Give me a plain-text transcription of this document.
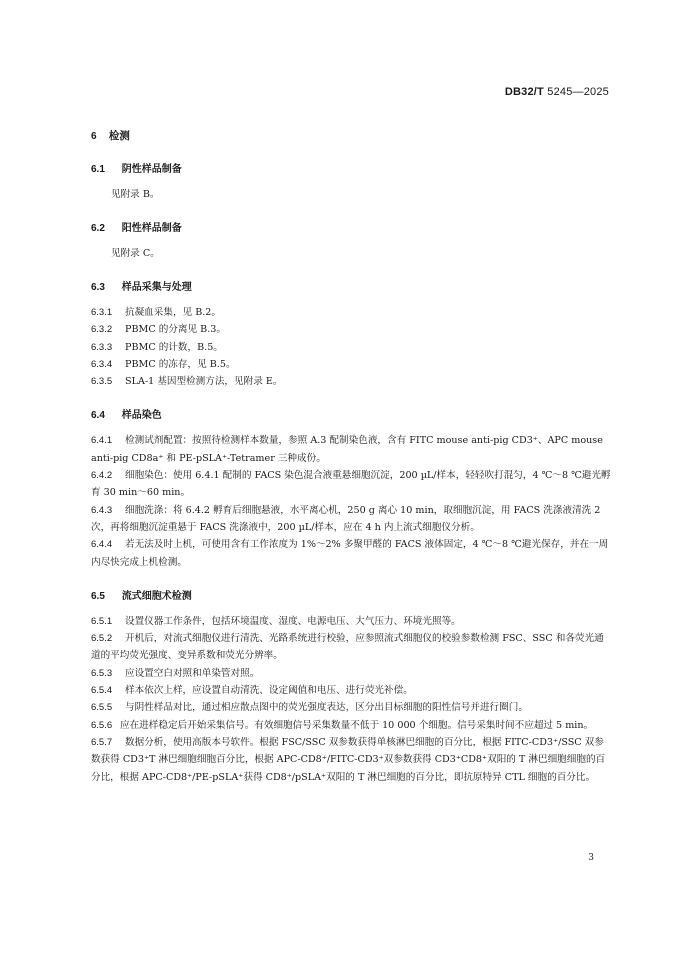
DB32/T 5245—2025
6 检测
6.1 阴性样品制备

见附录 B。

6.2 阳性样品制备

见附录 C。

6.3 样品采集与处理

6.3.1 抗凝血采集，见 B.2。

6.3.2 PBMC 的分离见 B.3。

6.3.3 PBMC 的计数，B.5。

6.3.4 PBMC 的冻存，见 B.5。

6.3.5 SLA-1 基因型检测方法，见附录 E。

6.4 样品染色

6.4.1 检测试剂配置：按照待检测样本数量，参照 A.3 配制染色液，含有 FITC mouse anti-pig CD3⁺、APC mouse anti-pig CD8a⁺ 和 PE-pSLA⁺-Tetramer 三种成份。

6.4.2 细胞染色：使用 6.4.1 配制的 FACS 染色混合液重悬细胞沉淀，200 µL/样本，轻轻吹打混匀，4 ℃～8 ℃避光孵育 30 min～60 min。

6.4.3 细胞洗涤：将 6.4.2 孵育后细胞悬液，水平离心机，250 g 离心 10 min，取细胞沉淀，用 FACS 洗涤液清洗 2 次，再将细胞沉淀重悬于 FACS 洗涤液中，200 µL/样本，应在 4 h 内上流式细胞仪分析。

6.4.4 若无法及时上机，可使用含有工作浓度为 1%～2% 多聚甲醛的 FACS 液体固定，4 ℃～8 ℃避光保存，并在一周内尽快完成上机检测。

6.5 流式细胞术检测

6.5.1 设置仪器工作条件，包括环境温度、湿度、电源电压、大气压力、环境光照等。

6.5.2 开机后，对流式细胞仪进行清洗、光路系统进行校验，应参照流式细胞仪的校验参数检测 FSC、SSC 和各荧光通道的平均荧光强度、变异系数和荧光分辨率。

6.5.3 应设置空白对照和单染管对照。

6.5.4 样本依次上样，应设置自动清洗、设定阈值和电压、进行荧光补偿。

6.5.5 与阴性样品对比，通过相应散点图中的荧光强度表达，区分出目标细胞的阳性信号并进行圈门。

6.5.6 应在进样稳定后开始采集信号。有效细胞信号采集数量不低于 10 000 个细胞。信号采集时间不应超过 5 min。

6.5.7 数据分析，使用高版本号软件。根据 FSC/SSC 双参数获得单核淋巴细胞的百分比，根据 FITC-CD3⁺/SSC 双参数获得 CD3⁺T 淋巴细胞细胞百分比，根据 APC-CD8⁺/FITC-CD3⁺双参数获得 CD3⁺CD8⁺双阳的 T 淋巴细胞细胞的百分比，根据 APC-CD8⁺/PE-pSLA⁺获得 CD8⁺/pSLA⁺双阳的 T 淋巴细胞的百分比，即抗原特异 CTL 细胞的百分比。

3
